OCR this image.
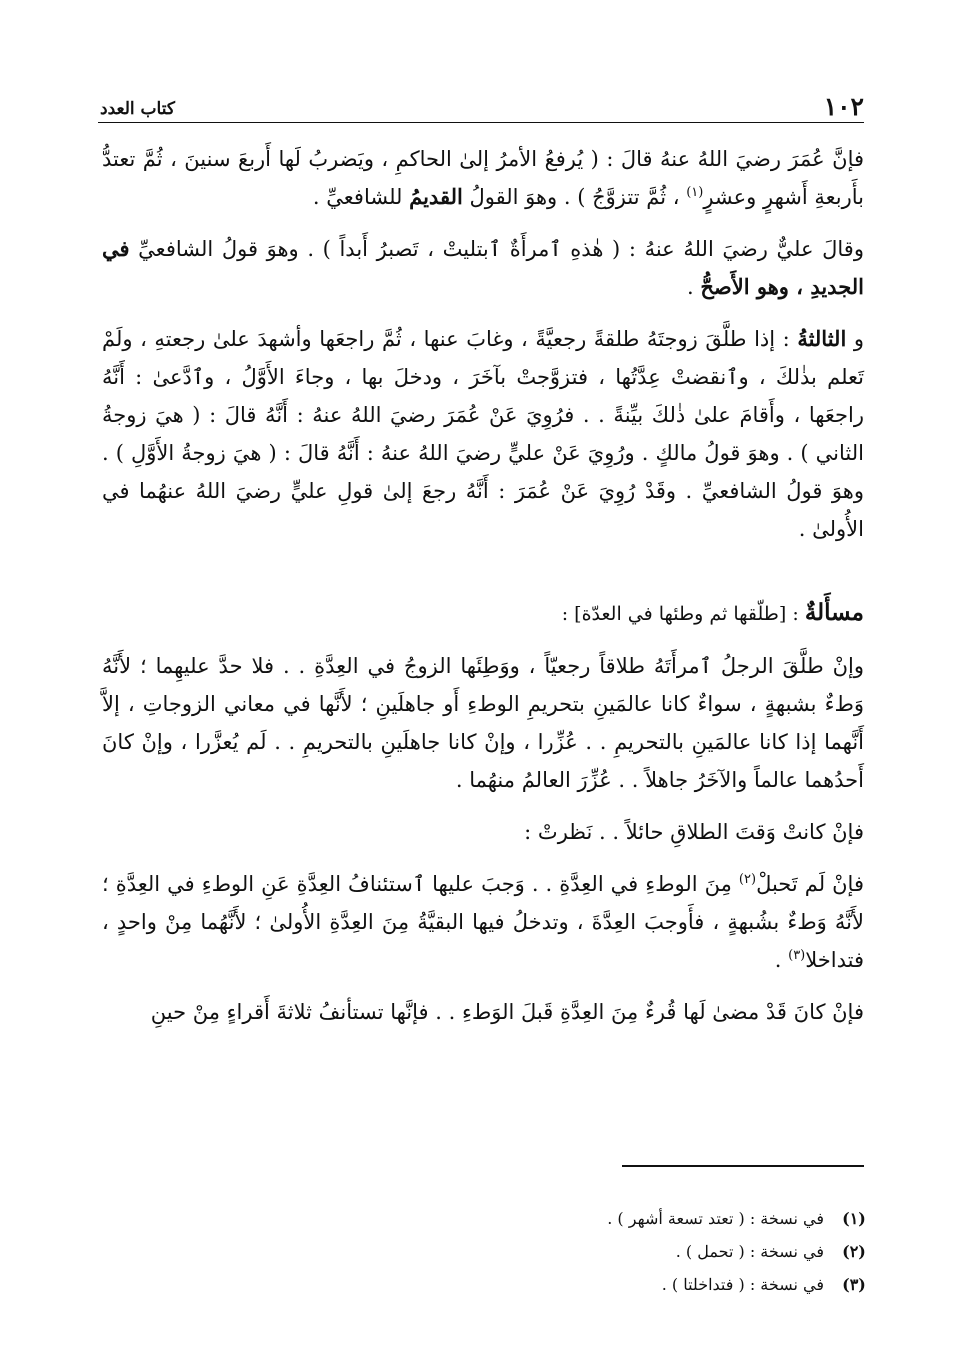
١٠٢
كتاب العدد

فإنَّ عُمَرَ رضيَ اللهُ عنهُ قالَ : ( يُرفعُ الأمرُ إلىٰ الحاكمِ ، ويَضربُ لَها أَربعَ سنينَ ، ثُمَّ تعتدُّ بأَربعةِ أَشهرٍ وعشرٍ$^{(١)}$ ، ثُمَّ تتزوَّجُ ) . وهوَ القولُ القديمُ للشافعيِّ .

وقالَ عليٌّ رضيَ اللهُ عنهُ : ( هٰذهِ ٱمرأَةٌ ٱبتليتْ ، تَصبرُ أَبداً ) . وهوَ قولُ الشافعيِّ في الجديدِ ، وهو الأَصحُّ .

و الثالثةُ : إذا طلَّقَ زوجتَهُ طلقةً رجعيَّةً ، وغابَ عنها ، ثُمَّ راجعَها وأشهدَ علىٰ رجعتهِ ، ولَمْ تَعلم بذٰلكَ ، وٱنقضتْ عِدَّتُها ، فتزوَّجتْ بآخَرَ ، ودخلَ بها ، وجاءَ الأَوَّلُ ، وٱدَّعىٰ : أَنَّهُ راجعَها ، وأَقامَ علىٰ ذٰلكَ بيِّنةً . . فرُوِيَ عَنْ عُمَرَ رضيَ اللهُ عنهُ : أَنَّهُ قالَ : ( هيَ زوجةُ الثاني ) . وهوَ قولُ مالكٍ . ورُوِيَ عَنْ عليٍّ رضيَ اللهُ عنهُ : أَنَّهُ قالَ : ( هيَ زوجةُ الأَوَّلِ ) . وهوَ قولُ الشافعيِّ . وقَدْ رُوِيَ عَنْ عُمَرَ : أَنَّهُ رجعَ إلىٰ قولِ عليٍّ رضيَ اللهُ عنهُما في الأُولىٰ .

مسأَلةٌ : [طلّقها ثم وطئها في العدّة] :

وإنْ طلَّقَ الرجلُ ٱمرأَتَهُ طلاقاً رجعيّاً ، ووَطِئَها الزوجُ في العِدَّةِ . . فلا حدَّ عليهِما ؛ لأَنَّهُ وَطءٌ بشبهةٍ ، سواءٌ كانا عالمَينِ بتحريمِ الوطءِ أَو جاهلَينِ ؛ لأَنَّها في معاني الزوجاتِ ، إلاَّ أَنَّهما إذا كانا عالمَينِ بالتحريمِ . . عُزِّرا ، وإنْ كانا جاهلَينِ بالتحريمِ . . لَم يُعزَّرا ، وإنْ كانَ أَحدُهما عالماً والآخَرُ جاهلاً . . عُزِّرَ العالمُ منهُما .

فإنْ كانتْ وَقتَ الطلاقِ حائلاً . . نَظرتْ :

فإنْ لَم تَحبلْ$^{(٢)}$ مِنَ الوطءِ في العِدَّةِ . . وَجبَ عليها ٱستئنافُ العِدَّةِ عَنِ الوطءِ في العِدَّةِ ؛ لأَنَّهُ وَطءٌ بشُبهةٍ ، فأَوجبَ العِدَّةَ ، وتدخلُ فيها البقيَّةُ مِنَ العِدَّةِ الأُولىٰ ؛ لأَنَّهُما مِنْ واحدٍ ، فتداخلا$^{(٣)}$ .

فإنْ كانَ قَدْ مضىٰ لَها قُرءٌ مِنَ العِدَّةِ قَبلَ الوَطءِ . . فإنَّها تستأنفُ ثلاثةَ أَقراءٍ مِنْ حينِ

(١)
في نسخة : ( تعتد تسعة أشهر ) .
(٢)
في نسخة : ( تحمل ) .
(٣)
في نسخة : ( فتداخلتا ) .
